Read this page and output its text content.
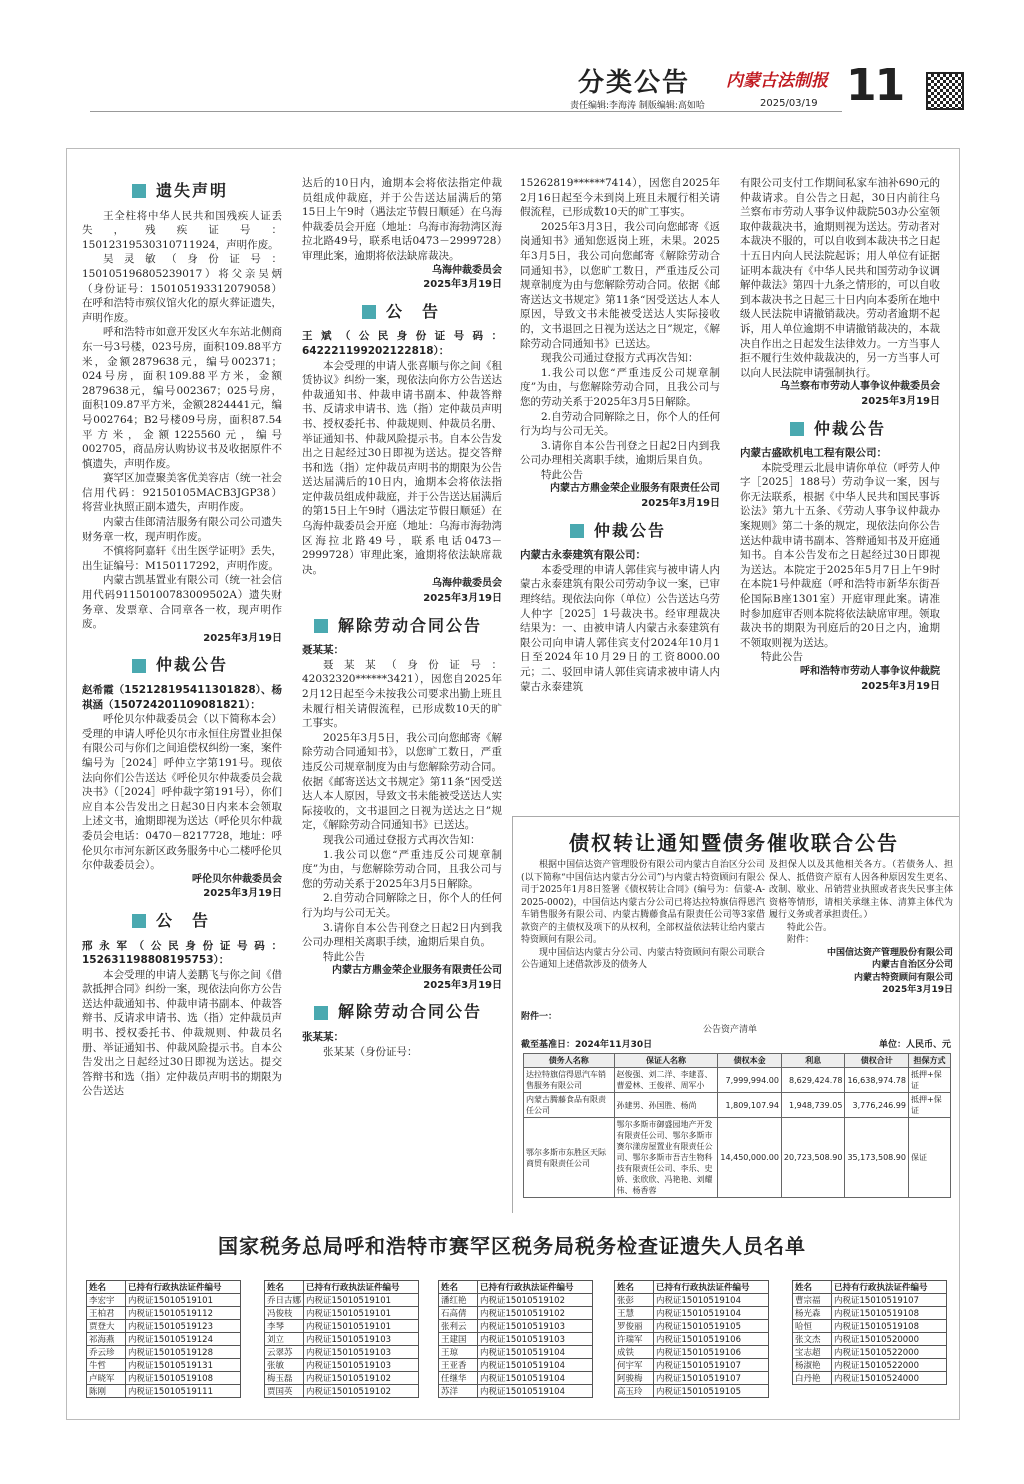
分类公告 内蒙古法制报 11
责任编辑:李海涛 制版编辑:高如哈	2025/03/19
遗失声明

王全柱将中华人民共和国残疾人证丢失，残疾证号：15012319530310711924，声明作废。

吴灵敏（身份证号：150105196805239017）将父亲吴炳（身份证号：150105193312079058）在呼和浩特市殡仪馆火化的原火葬证遗失，声明作废。

呼和浩特市如意开发区火车东站北侧商东一号3号楼，023号房，面积109.88平方米，金额2879638元，编号002371；024号房，面积109.88平方米，金额2879638元，编号002367；025号房，面积109.87平方米，金额2824441元，编号002764；B2号楼09号房，面积87.54平方米，金额1225560元，编号002705，商品房认购协议书及收据原件不慎遗失，声明作废。

赛罕区加壹聚美客优美容店（统一社会信用代码：92150105MACB3JGP38）将营业执照正副本遗失，声明作废。

内蒙古佳郎清洁服务有限公司公司遗失财务章一枚，现声明作废。

不慎将阿嘉轩《出生医学证明》丢失，出生证编号：M150117292，声明作废。

内蒙古凯基置业有限公司（统一社会信用代码91150100783009502A）遗失财务章、发票章、合同章各一枚，现声明作废。

2025年3月19日
仲裁公告

赵希霞（152128195411301828）、杨祺涵（150724201109081821）：

呼伦贝尔仲裁委员会（以下简称本会）受理的申请人呼伦贝尔市永恒住房置业担保有限公司与你们之间追偿权纠纷一案，案件编号为［2024］呼仲立字第191号。现依法向你们公告送达《呼伦贝尔仲裁委员会裁决书》（［2024］呼仲裁字第191号），你们应自本公告发出之日起30日内来本会领取上述文书，逾期即视为送达（呼伦贝尔仲裁委员会电话：0470－8217728，地址：呼伦贝尔市河东新区政务服务中心二楼呼伦贝尔仲裁委员会）。

呼伦贝尔仲裁委员会
2025年3月19日
公　告

邢永军（公民身份证号码：152631198808195753）：

本会受理的申请人姜鹏飞与你之间《借款抵押合同》纠纷一案，现依法向你方公告送达仲裁通知书、仲裁申请书副本、仲裁答辩书、反请求申请书、选（指）定仲裁员声明书、授权委托书、仲裁规则、仲裁员名册、举证通知书、仲裁风险提示书。自本公告发出之日起经过30日即视为送达。提交答辩书和选（指）定仲裁员声明书的期限为公告送达

达后的10日内，逾期本会将依法指定仲裁员组成仲裁庭，并于公告送达届满后的第15日上午9时（遇法定节假日顺延）在乌海仲裁委员会开庭（地址：乌海市海勃湾区海拉北路49号，联系电话0473－2999728）审理此案，逾期将依法缺席裁决。

乌海仲裁委员会
2025年3月19日
公　告

王斌（公民身份证号码：642221199202122818）：

本会受理的申请人张喜顺与你之间《租赁协议》纠纷一案，现依法向你方公告送达仲裁通知书、仲裁申请书副本、仲裁答辩书、反请求申请书、选（指）定仲裁员声明书、授权委托书、仲裁规则、仲裁员名册、举证通知书、仲裁风险提示书。自本公告发出之日起经过30日即视为送达。提交答辩书和选（指）定仲裁员声明书的期限为公告送达届满后的10日内，逾期本会将依法指定仲裁员组成仲裁庭，并于公告送达届满后的第15日上午9时（遇法定节假日顺延）在乌海仲裁委员会开庭（地址：乌海市海勃湾区海拉北路49号，联系电话0473－2999728）审理此案，逾期将依法缺席裁决。

乌海仲裁委员会
2025年3月19日
解除劳动合同公告

聂某某：

聂某某（身份证号：42032320******3421），因您自2025年2月12日起至今未按我公司要求出勤上班且未履行相关请假流程，已形成数10天的旷工事实。

2025年3月5日，我公司向您邮寄《解除劳动合同通知书》，以您旷工数日，严重违反公司规章制度为由与您解除劳动合同。依据《邮寄送达文书规定》第11条“因受送达人本人原因，导致文书未能被受送达人实际接收的，文书退回之日视为送达之日”规定，《解除劳动合同通知书》已送达。

现我公司通过登报方式再次告知：

1.我公司以您“严重违反公司规章制度”为由，与您解除劳动合同，且我公司与您的劳动关系于2025年3月5日解除。

2.自劳动合同解除之日，你个人的任何行为均与公司无关。

3.请你自本公告刊登之日起2日内到我公司办理相关离职手续，逾期后果自负。

特此公告

内蒙古方鼎金荣企业服务有限责任公司
2025年3月19日
解除劳动合同公告

张某某：

张某某（身份证号：

15262819******7414），因您自2025年2月16日起至今未到岗上班且未履行相关请假流程，已形成数10天的旷工事实。

2025年3月3日，我公司向您邮寄《返岗通知书》通知您返岗上班，未果。2025年3月5日，我公司向您邮寄《解除劳动合同通知书》，以您旷工数日，严重违反公司规章制度为由与您解除劳动合同。依据《邮寄送达文书规定》第11条“因受送达人本人原因，导致文书未能被受送达人实际接收的，文书退回之日视为送达之日”规定，《解除劳动合同通知书》已送达。

现我公司通过登报方式再次告知：

1.我公司以您“严重违反公司规章制度”为由，与您解除劳动合同，且我公司与您的劳动关系于2025年3月5日解除。

2.自劳动合同解除之日，你个人的任何行为均与公司无关。

3.请你自本公告刊登之日起2日内到我公司办理相关离职手续，逾期后果自负。

特此公告

内蒙古方鼎金荣企业服务有限责任公司
2025年3月19日
仲裁公告

内蒙古永泰建筑有限公司：

本委受理的申请人郭佳宾与被申请人内蒙古永泰建筑有限公司劳动争议一案，已审理终结。现依法向你（单位）公告送达乌劳人仲字［2025］1号裁决书。经审理裁决结果为：一、由被申请人内蒙古永泰建筑有限公司向申请人郭佳宾支付2024年10月1日至2024年10月29日的工资8000.00元；二、驳回申请人郭佳宾请求被申请人内蒙古永泰建筑

有限公司支付工作期间私家车油补690元的仲裁请求。自公告之日起，30日内前往乌兰察布市劳动人事争议仲裁院503办公室领取仲裁裁决书，逾期则视为送达。劳动者对本裁决不服的，可以自收到本裁决书之日起十五日内向人民法院起诉；用人单位有证据证明本裁决有《中华人民共和国劳动争议调解仲裁法》第四十九条之情形的，可以自收到本裁决书之日起三十日内向本委所在地中级人民法院申请撤销裁决。劳动者逾期不起诉，用人单位逾期不申请撤销裁决的，本裁决自作出之日起发生法律效力。一方当事人拒不履行生效仲裁裁决的，另一方当事人可以向人民法院申请强制执行。

乌兰察布市劳动人事争议仲裁委员会
2025年3月19日
仲裁公告

内蒙古盛欧机电工程有限公司：

本院受理云北晨申请你单位（呼劳人仲字［2025］188号）劳动争议一案，因与你无法联系，根据《中华人民共和国民事诉讼法》第九十五条、《劳动人事争议仲裁办案规则》第二十条的规定，现依法向你公告送达仲裁申请书副本、答辩通知书及开庭通知书。自本公告发布之日起经过30日即视为送达。本院定于2025年5月7日上午9时在本院1号仲裁庭（呼和浩特市新华东街吾伦国际B座1301室）开庭审理此案。请准时参加庭审否则本院将依法缺席审理。领取裁决书的期限为刊庭后的20日之内，逾期不领取则视为送达。

特此公告

呼和浩特市劳动人事争议仲裁院
2025年3月19日
债权转让通知暨债务催收联合公告
根据中国信达资产管理股份有限公司内蒙古自治区分公司(以下简称“中国信达内蒙古分公司”)与内蒙古特资顾问有限公司于2025年1月8日签署《债权转让合同》(编号为：信蒙-A-2025-0002)，中国信达内蒙古分公司已将达拉特旗信得恩汽车销售服务有限公司、内蒙古腾藤食品有限责任公司等3家借款资产的主债权及项下的从权利，全部权益依法转让给内蒙古特资顾问有限公司。
现中国信达内蒙古分公司、内蒙古特资顾问有限公司联合公告通知上述借款涉及的债务人
及担保人以及其他相关各方。（若债务人、担保人、抵借资产原有人因各种原因发生更名、改制、歇业、吊销营业执照或者丧失民事主体资格等情形，请相关承继主体、清算主体代为履行义务或者承担责任。）
特此公告。
附件：
中国信达资产管理股份有限公司
内蒙古自治区分公司
内蒙古特资顾问有限公司
2025年3月19日
附件一：
公告资产清单
截至基准日：2024年11月30日	单位：人民币、元
债务人名称	保证人名称	债权本金	利息	债权合计	担保方式
达拉特旗信得恩汽车销售服务有限公司	赵俊强、刘二洋、李建喜、曹爱林、王俊祥、周军小	7,999,994.00	8,629,424.78	16,638,974.78	抵押+保证
内蒙古腾藤食品有限责任公司	孙建男、孙国胜、杨尚	1,809,107.94	1,948,739.05	3,776,246.99	抵押+保证
鄂尔多斯市东胜区天际商贸有限责任公司	鄂尔多斯市御盛园地产开发有限责任公司、鄂尔多斯市赛尔漾房屋置业有限责任公司、鄂尔多斯市吾吉生物科技有限责任公司、李乐、史娇、张欣欣、冯艳艳、刘耀伟、杨香蓉	14,450,000.00	20,723,508.90	35,173,508.90	保证
国家税务总局呼和浩特市赛罕区税务局税务检查证遗失人员名单
姓名	已持有行政执法证件编号
李宏宇	内税证15010519101
王柏君	内税证15010519112
贾登大	内税证15010519123
祁海燕	内税证15010519124
乔云珍	内税证15010519128
牛哲	内税证15010519131
卢晓军	内税证15010519108
陈刚	内税证15010519111
姓名	已持有行政执法证件编号
乔日古娜	内税证15010519101
冯俊枝	内税证15010519101
李琴	内税证15010519101
刘立	内税证15010519103
云翠苏	内税证15010519103
张敏	内税证15010519103
梅玉磊	内税证15010519102
贾国英	内税证15010519102
姓名	已持有行政执法证件编号
潘红艳	内税证15010519102
石高倩	内税证15010519102
张利云	内税证15010519103
王建国	内税证15010519103
王琼	内税证15010519104
王亚香	内税证15010519104
任继华	内税证15010519104
苏洋	内税证15010519104
姓名	已持有行政执法证件编号
张彭	内税证15010519104
王慧	内税证15010519104
罗俊丽	内税证15010519105
许瑞军	内税证15010519106
成铁	内税证15010519106
何宇军	内税证15010519107
阿骏梅	内税证15010519107
高玉玲	内税证15010519105
姓名	已持有行政执法证件编号
曹宗福	内税证15010519107
杨光森	内税证15010519108
哈恒	内税证15010519108
张文杰	内税证15010520000
宝志超	内税证15010522000
杨淑艳	内税证15010522000
白丹艳	内税证15010524000
